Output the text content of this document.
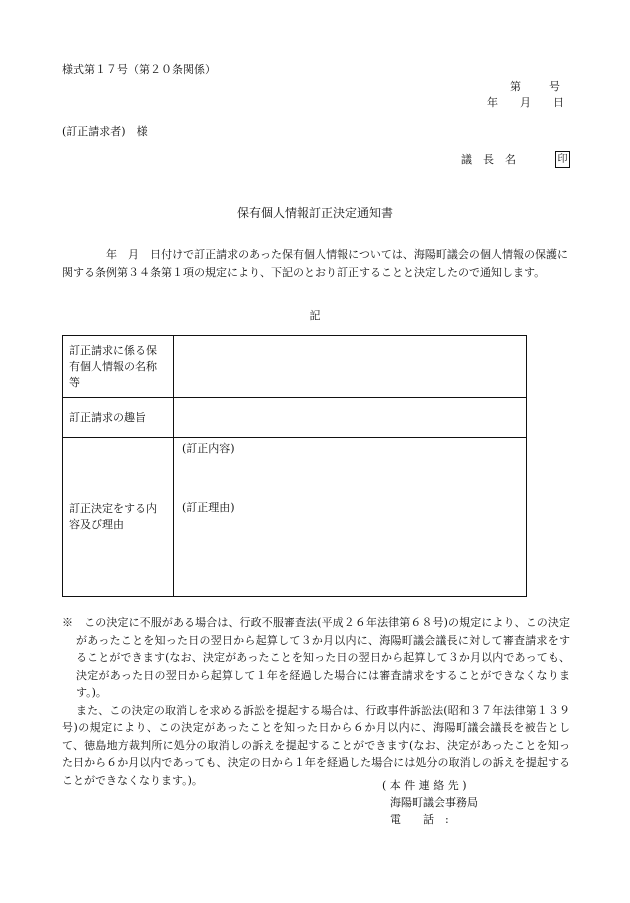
様式第１７号（第２０条関係）
第　　号
年　　月　　日
(訂正請求者)　様
議　長　名	印
保有個人情報訂正決定通知書
　　　　年　月　日付けで訂正請求のあった保有個人情報については、海陽町議会の個人情報の保護に関する条例第３４条第１項の規定により、下記のとおり訂正することと決定したので通知します。
記
訂正請求に係る保有個人情報の名称等	

訂正請求の趣旨	

訂正決定をする内容及び理由	(訂正内容)
(訂正理由)

※　この決定に不服がある場合は、行政不服審査法(平成２６年法律第６８号)の規定により、この決定があったことを知った日の翌日から起算して３か月以内に、海陽町議会議長に対して審査請求をすることができます(なお、決定があったことを知った日の翌日から起算して３か月以内であっても、決定があった日の翌日から起算して１年を経過した場合には審査請求をすることができなくなります。)。

また、この決定の取消しを求める訴訟を提起する場合は、行政事件訴訟法(昭和３７年法律第１３９号)の規定により、この決定があったことを知った日から６か月以内に、海陽町議会議長を被告として、徳島地方裁判所に処分の取消しの訴えを提起することができます(なお、決定があったことを知った日から６か月以内であっても、決定の日から１年を経過した場合には処分の取消しの訴えを提起することができなくなります。)。	( 本 件 連 絡 先 )
海陽町議会事務局
電　　話　:
